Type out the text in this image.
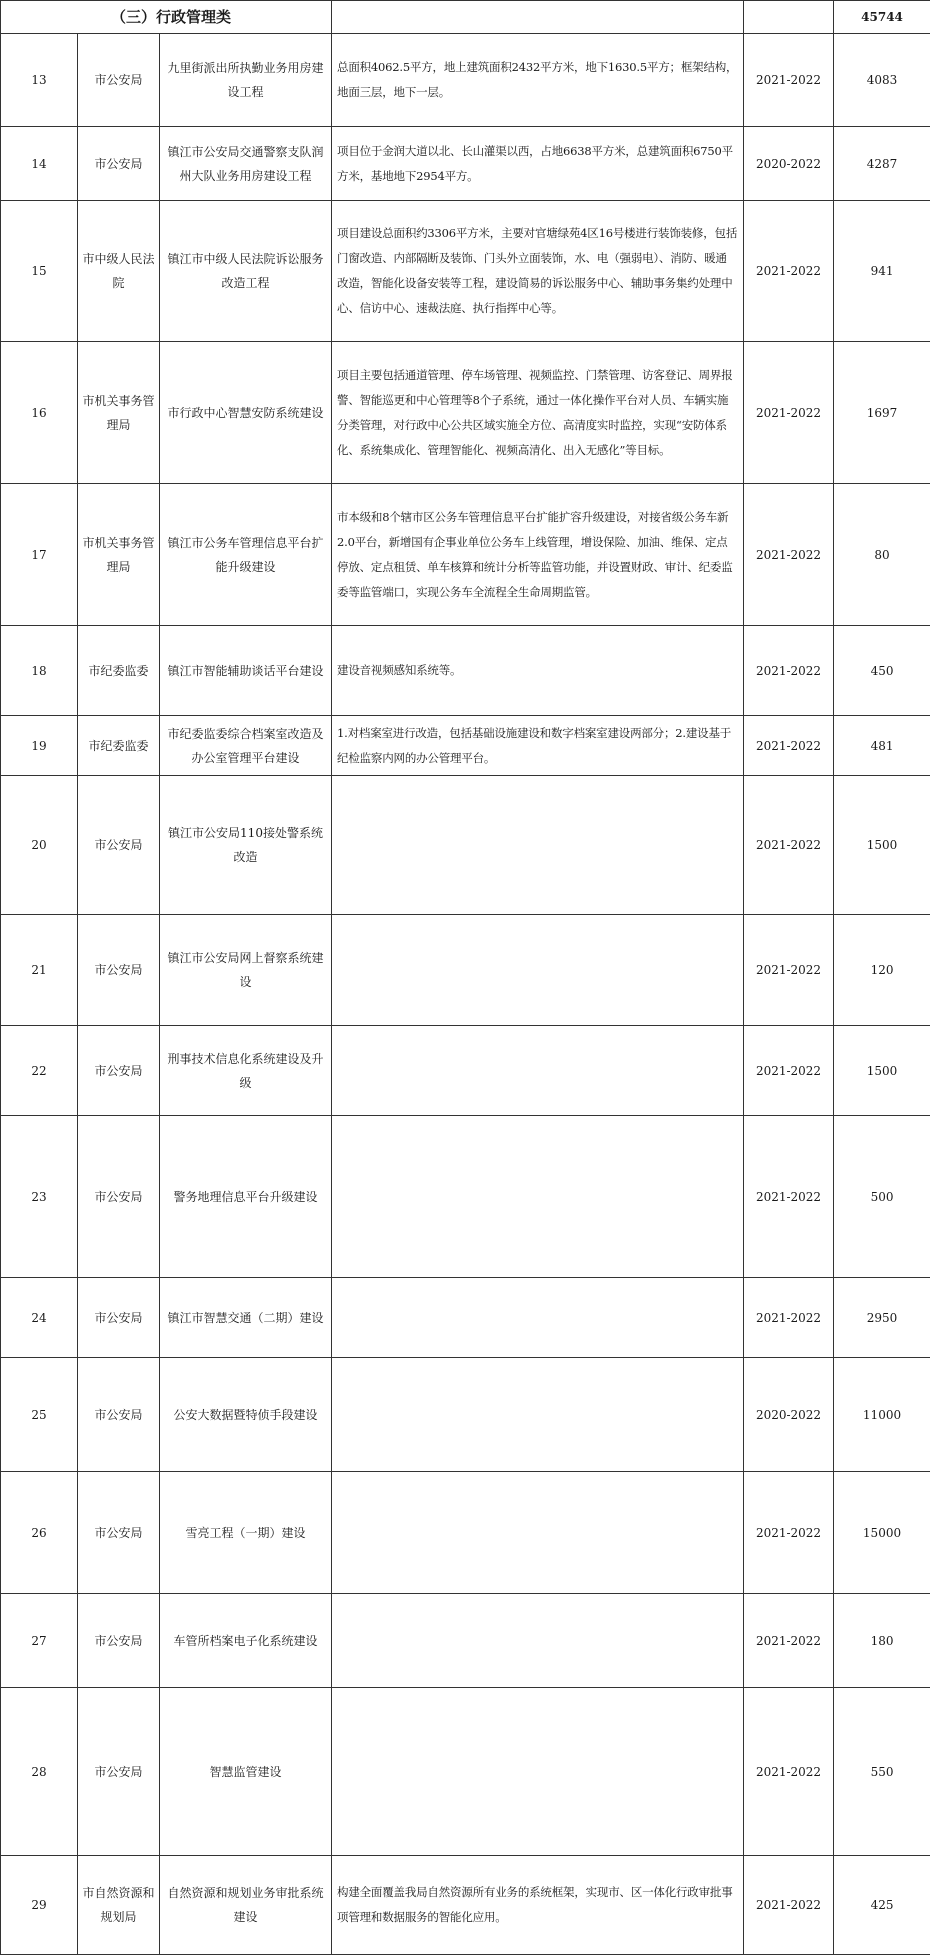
（三）行政管理类					45744
13	市公安局	九里街派出所执勤业务用房建设工程	总面积4062.5平方，地上建筑面积2432平方米，地下1630.5平方；框架结构，地面三层，地下一层。	2021-2022	4083
14	市公安局	镇江市公安局交通警察支队润州大队业务用房建设工程	项目位于金润大道以北、长山灌渠以西，占地6638平方米，总建筑面积6750平方米，基地地下2954平方。	2020-2022	4287
15	市中级人民法院	镇江市中级人民法院诉讼服务改造工程	项目建设总面积约3306平方米，主要对官塘绿苑4区16号楼进行装饰装修，包括门窗改造、内部隔断及装饰、门头外立面装饰，水、电（强弱电）、消防、暖通改造，智能化设备安装等工程，建设简易的诉讼服务中心、辅助事务集约处理中心、信访中心、速裁法庭、执行指挥中心等。	2021-2022	941
16	市机关事务管理局	市行政中心智慧安防系统建设	项目主要包括通道管理、停车场管理、视频监控、门禁管理、访客登记、周界报警、智能巡更和中心管理等8个子系统，通过一体化操作平台对人员、车辆实施分类管理，对行政中心公共区域实施全方位、高清度实时监控，实现“安防体系化、系统集成化、管理智能化、视频高清化、出入无感化”等目标。	2021-2022	1697
17	市机关事务管理局	镇江市公务车管理信息平台扩能升级建设	市本级和8个辖市区公务车管理信息平台扩能扩容升级建设，对接省级公务车新2.0平台，新增国有企事业单位公务车上线管理，增设保险、加油、维保、定点停放、定点租赁、单车核算和统计分析等监管功能，并设置财政、审计、纪委监委等监管端口，实现公务车全流程全生命周期监管。	2021-2022	80
18	市纪委监委	镇江市智能辅助谈话平台建设	建设音视频感知系统等。	2021-2022	450
19	市纪委监委	市纪委监委综合档案室改造及办公室管理平台建设	1.对档案室进行改造，包括基础设施建设和数字档案室建设两部分；2.建设基于纪检监察内网的办公管理平台。	2021-2022	481
20	市公安局	镇江市公安局110接处警系统改造		2021-2022	1500
21	市公安局	镇江市公安局网上督察系统建设		2021-2022	120
22	市公安局	刑事技术信息化系统建设及升级		2021-2022	1500
23	市公安局	警务地理信息平台升级建设		2021-2022	500
24	市公安局	镇江市智慧交通（二期）建设		2021-2022	2950
25	市公安局	公安大数据暨特侦手段建设		2020-2022	11000
26	市公安局	雪亮工程（一期）建设		2021-2022	15000
27	市公安局	车管所档案电子化系统建设		2021-2022	180
28	市公安局	智慧监管建设		2021-2022	550
29	市自然资源和规划局	自然资源和规划业务审批系统建设	构建全面覆盖我局自然资源所有业务的系统框架，实现市、区一体化行政审批事项管理和数据服务的智能化应用。	2021-2022	425
